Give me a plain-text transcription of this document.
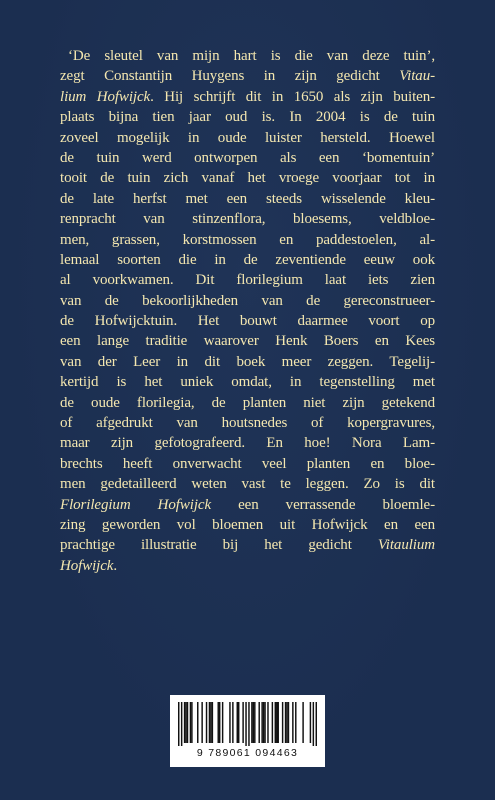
‘De sleutel van mijn hart is die van deze tuin’,
zegt Constantijn Huygens in zijn gedicht Vitau-
lium Hofwijck. Hij schrijft dit in 1650 als zijn buiten-
plaats bijna tien jaar oud is. In 2004 is de tuin
zoveel mogelijk in oude luister hersteld. Hoewel
de tuin werd ontworpen als een ‘bomentuin’
tooit de tuin zich vanaf het vroege voorjaar tot in
de late herfst met een steeds wisselende kleu-
renpracht van stinzenflora, bloesems, veldbloe-
men, grassen, korstmossen en paddestoelen, al-
lemaal soorten die in de zeventiende eeuw ook
al voorkwamen. Dit florilegium laat iets zien
van de bekoorlijkheden van de gereconstrueer-
de Hofwijcktuin. Het bouwt daarmee voort op
een lange traditie waarover Henk Boers en Kees
van der Leer in dit boek meer zeggen. Tegelij-
kertijd is het uniek omdat, in tegenstelling met
de oude florilegia, de planten niet zijn getekend
of afgedrukt van houtsnedes of kopergravures,
maar zijn gefotografeerd. En hoe! Nora Lam-
brechts heeft onverwacht veel planten en bloe-
men gedetailleerd weten vast te leggen. Zo is dit
Florilegium Hofwijck een verrassende bloemle-
zing geworden vol bloemen uit Hofwijck en een
prachtige illustratie bij het gedicht Vitaulium
Hofwijck.
9 789061 094463
